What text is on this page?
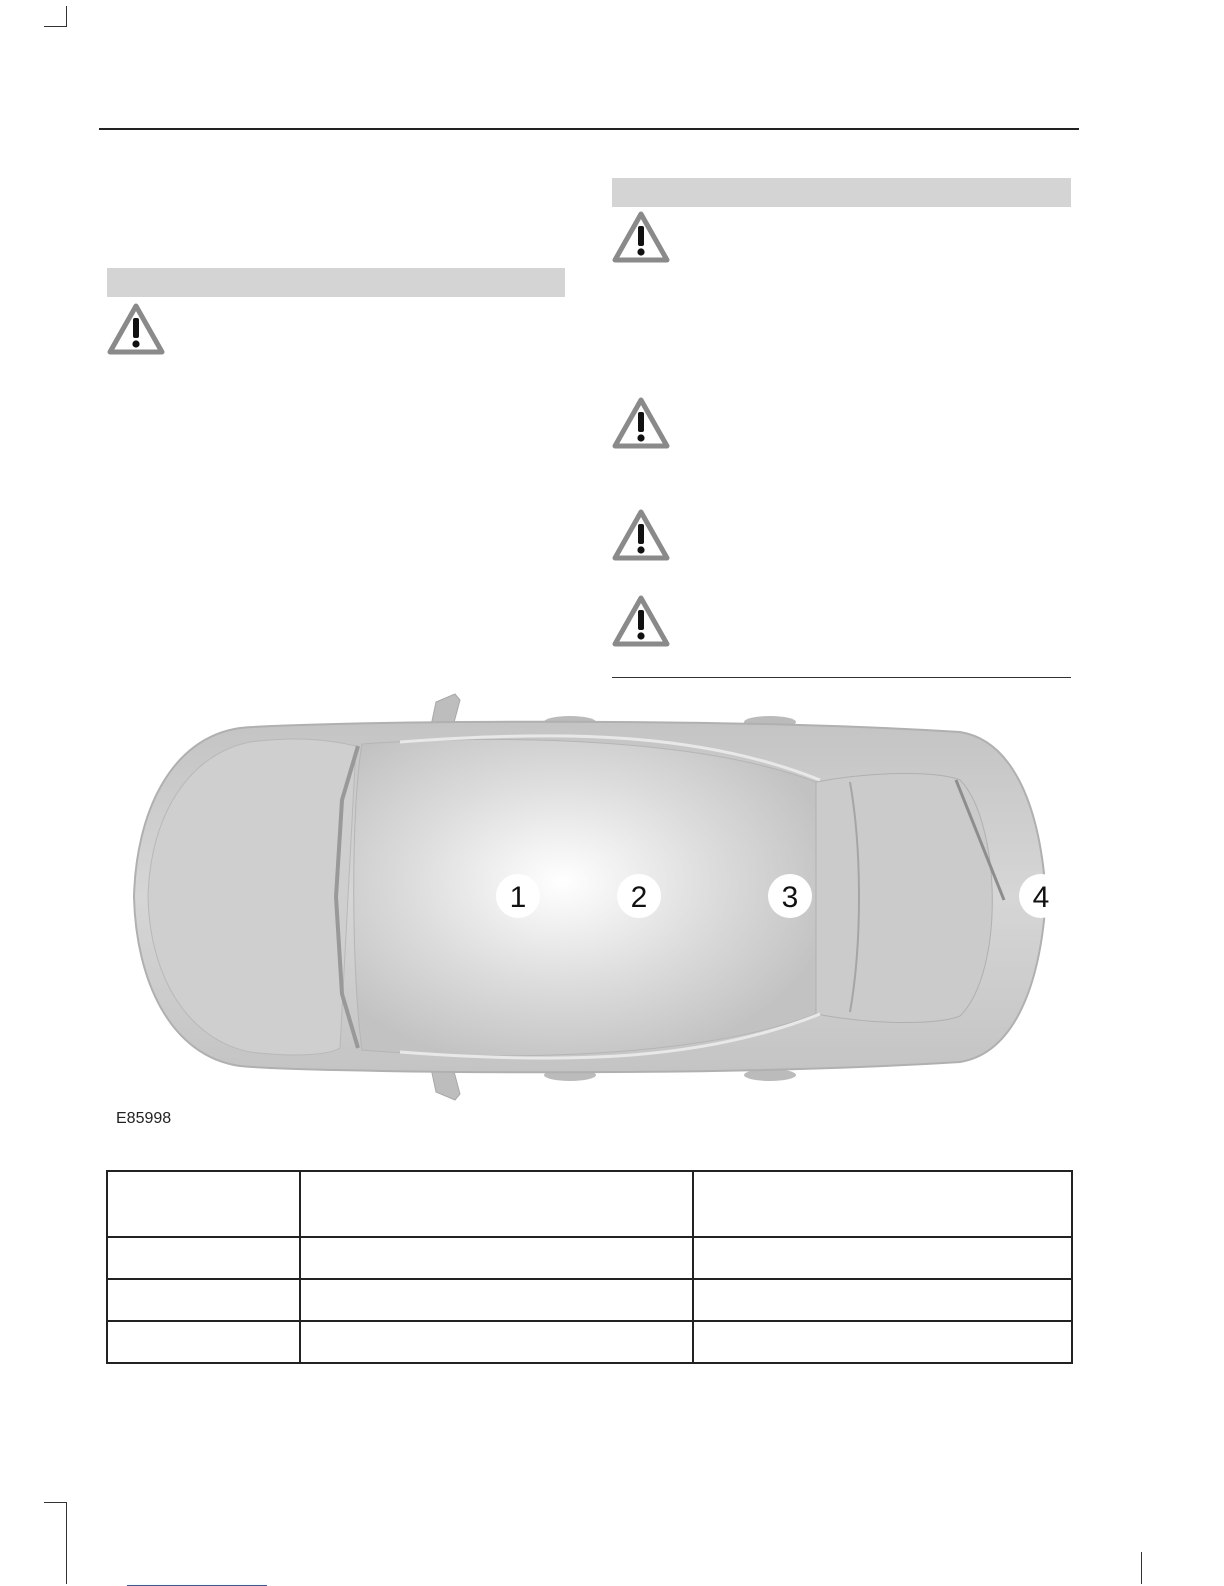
1	2	3	4
E85998
